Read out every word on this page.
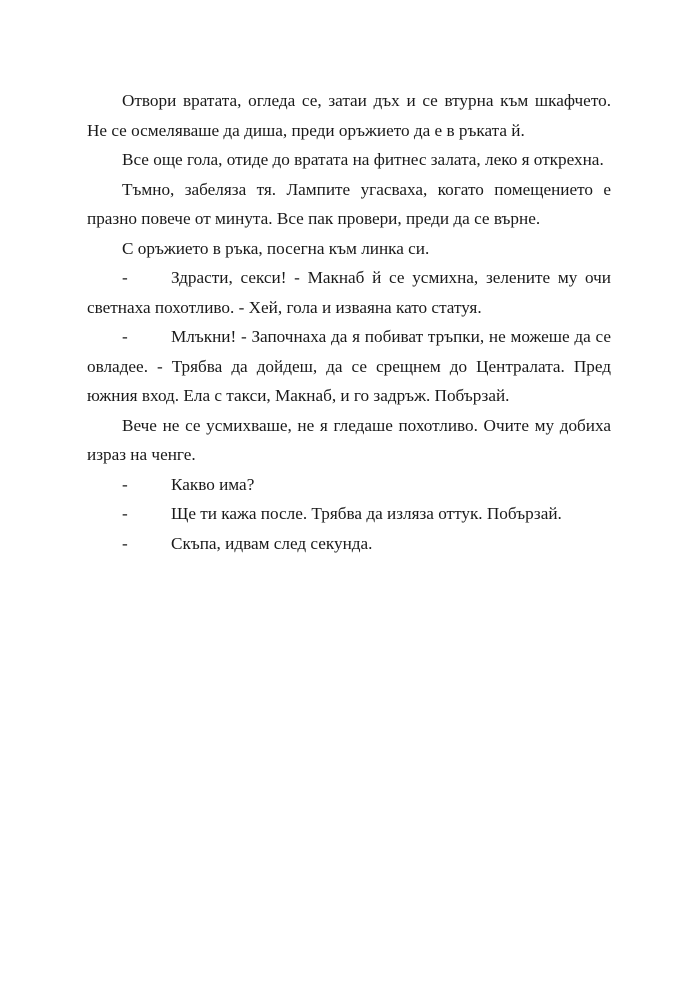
Отвори вратата, огледа се, затаи дъх и се втурна към шкафчето. Не се осмеляваше да диша, преди оръжието да е в ръката й.

Все още гола, отиде до вратата на фитнес залата, леко я открехна.

Тъмно, забеляза тя. Лампите угасваха, когато помещението е празно повече от минута. Все пак провери, преди да се върне.

С оръжието в ръка, посегна към линка си.

-	Здрасти, секси! - Макнаб й се усмихна, зелените му очи светнаха похотливо. - Хей, гола и изваяна като статуя.

-	Млъкни! - Започнаха да я побиват тръпки, не можеше да се овладее. - Трябва да дойдеш, да се срещнем до Централата. Пред южния вход. Ела с такси, Макнаб, и го задръж. Побързай.

Вече не се усмихваше, не я гледаше похотливо. Очите му добиха израз на ченге.

-	Какво има?

-	Ще ти кажа после. Трябва да изляза оттук. Побързай.

-	Скъпа, идвам след секунда.
